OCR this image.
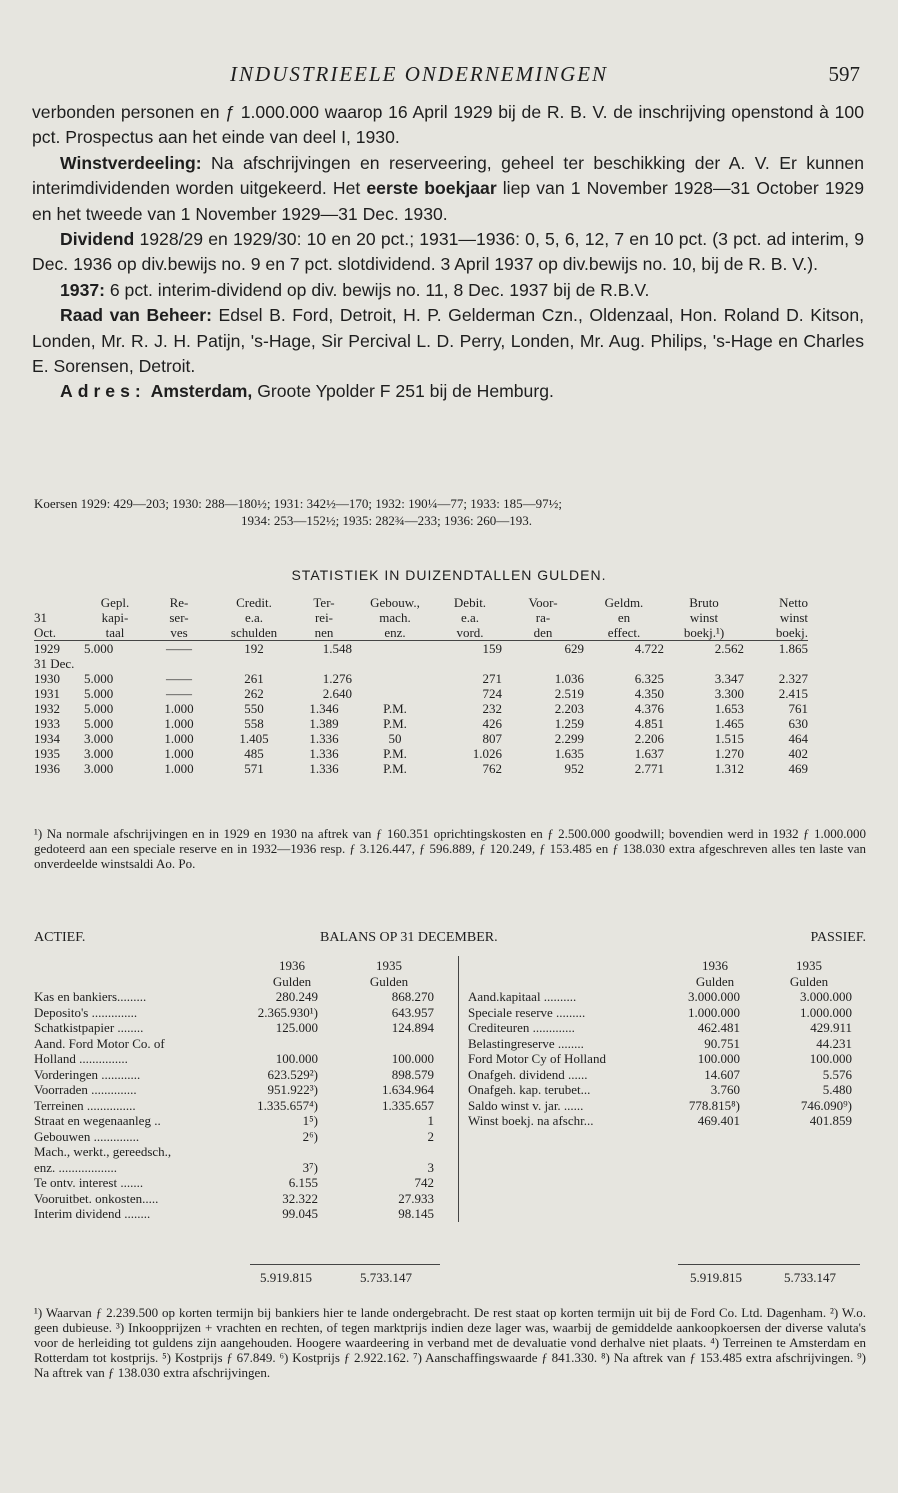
INDUSTRIEELE ONDERNEMINGEN	597

verbonden personen en ƒ 1.000.000 waarop 16 April 1929 bij de R. B. V. de inschrijving openstond à 100 pct. Prospectus aan het einde van deel I, 1930.

Winstverdeeling: Na afschrijvingen en reserveering, geheel ter beschikking der A. V. Er kunnen interimdividenden worden uitgekeerd. Het eerste boekjaar liep van 1 November 1928—31 October 1929 en het tweede van 1 November 1929—31 Dec. 1930.

Dividend 1928/29 en 1929/30: 10 en 20 pct.; 1931—1936: 0, 5, 6, 12, 7 en 10 pct. (3 pct. ad interim, 9 Dec. 1936 op div.bewijs no. 9 en 7 pct. slotdividend. 3 April 1937 op div.bewijs no. 10, bij de R. B. V.).

1937: 6 pct. interim-dividend op div. bewijs no. 11, 8 Dec. 1937 bij de R.B.V.

Raad van Beheer: Edsel B. Ford, Detroit, H. P. Gelderman Czn., Oldenzaal, Hon. Roland D. Kitson, Londen, Mr. R. J. H. Patijn, 's-Hage, Sir Percival L. D. Perry, Londen, Mr. Aug. Philips, 's-Hage en Charles E. Sorensen, Detroit.

Adres: Amsterdam, Groote Ypolder F 251 bij de Hemburg.

Koersen 1929: 429—203; 1930: 288—180½; 1931: 342½—170; 1932: 190¼—77; 1933: 185—97½;
1934: 253—152½; 1935: 282¾—233; 1936: 260—193.
STATISTIEK IN DUIZENDTALLEN GULDEN.
	Gepl.	Re-	Credit.	Ter-	Gebouw.,	Debit.	Voor-	Geldm.	Bruto	Netto
31	kapi-	ser-	e.a.	rei-	mach.	e.a.	ra-	en	winst	winst
Oct.	taal	ves	schulden	nen	enz.	vord.	den	effect.	boekj.¹)	boekj.
1929	5.000	——	192	1.548		159	629	4.722	2.562	1.865
31 Dec.										
1930	5.000	——	261	1.276		271	1.036	6.325	3.347	2.327
1931	5.000	——	262	2.640		724	2.519	4.350	3.300	2.415
1932	5.000	1.000	550	1.346	P.M.	232	2.203	4.376	1.653	761
1933	5.000	1.000	558	1.389	P.M.	426	1.259	4.851	1.465	630
1934	3.000	1.000	1.405	1.336	50	807	2.299	2.206	1.515	464
1935	3.000	1.000	485	1.336	P.M.	1.026	1.635	1.637	1.270	402
1936	3.000	1.000	571	1.336	P.M.	762	952	2.771	1.312	469
¹) Na normale afschrijvingen en in 1929 en 1930 na aftrek van ƒ 160.351 oprichtingskosten en ƒ 2.500.000 goodwill; bovendien werd in 1932 ƒ 1.000.000 gedoteerd aan een speciale reserve en in 1932—1936 resp. ƒ 3.126.447, ƒ 596.889, ƒ 120.249, ƒ 153.485 en ƒ 138.030 extra afgeschreven alles ten laste van onverdeelde winstsaldi Ao. Po.
ACTIEF.	BALANS OP 31 DECEMBER.	PASSIEF.
	1936	1935
	Gulden	Gulden
Kas en bankiers.........	280.249	868.270
Deposito's ..............	2.365.930¹)	643.957
Schatkistpapier ........	125.000	124.894
Aand. Ford Motor Co. of		
Holland ...............	100.000	100.000
Vorderingen ............	623.529²)	898.579
Voorraden ..............	951.922³)	1.634.964
Terreinen ...............	1.335.657⁴)	1.335.657
Straat en wegenaanleg ..	1⁵)	1
Gebouwen ..............	2⁶)	2
Mach., werkt., gereedsch.,		
enz. ..................	3⁷)	3
Te ontv. interest .......	6.155	742
Vooruitbet. onkosten.....	32.322	27.933
Interim dividend ........	99.045	98.145
	1936	1935
	Gulden	Gulden
Aand.kapitaal ..........	3.000.000	3.000.000
Speciale reserve .........	1.000.000	1.000.000
Crediteuren .............	462.481	429.911
Belastingreserve ........	90.751	44.231
Ford Motor Cy of Holland	100.000	100.000
Onafgeh. dividend ......	14.607	5.576
Onafgeh. kap. terubet...	3.760	5.480
Saldo winst v. jar. ......	778.815⁸)	746.090⁹)
Winst boekj. na afschr...	469.401	401.859
5.919.815	5.733.147	5.919.815	5.733.147
¹) Waarvan ƒ 2.239.500 op korten termijn bij bankiers hier te lande ondergebracht. De rest staat op korten termijn uit bij de Ford Co. Ltd. Dagenham. ²) W.o. geen dubieuse. ³) Inkoopprijzen + vrachten en rechten, of tegen marktprijs indien deze lager was, waarbij de gemiddelde aankoopkoersen der diverse valuta's voor de herleiding tot guldens zijn aangehouden. Hoogere waardeering in verband met de devaluatie vond derhalve niet plaats. ⁴) Terreinen te Amsterdam en Rotterdam tot kostprijs. ⁵) Kostprijs ƒ 67.849. ⁶) Kostprijs ƒ 2.922.162. ⁷) Aanschaffingswaarde ƒ 841.330. ⁸) Na aftrek van ƒ 153.485 extra afschrijvingen. ⁹) Na aftrek van ƒ 138.030 extra afschrijvingen.
